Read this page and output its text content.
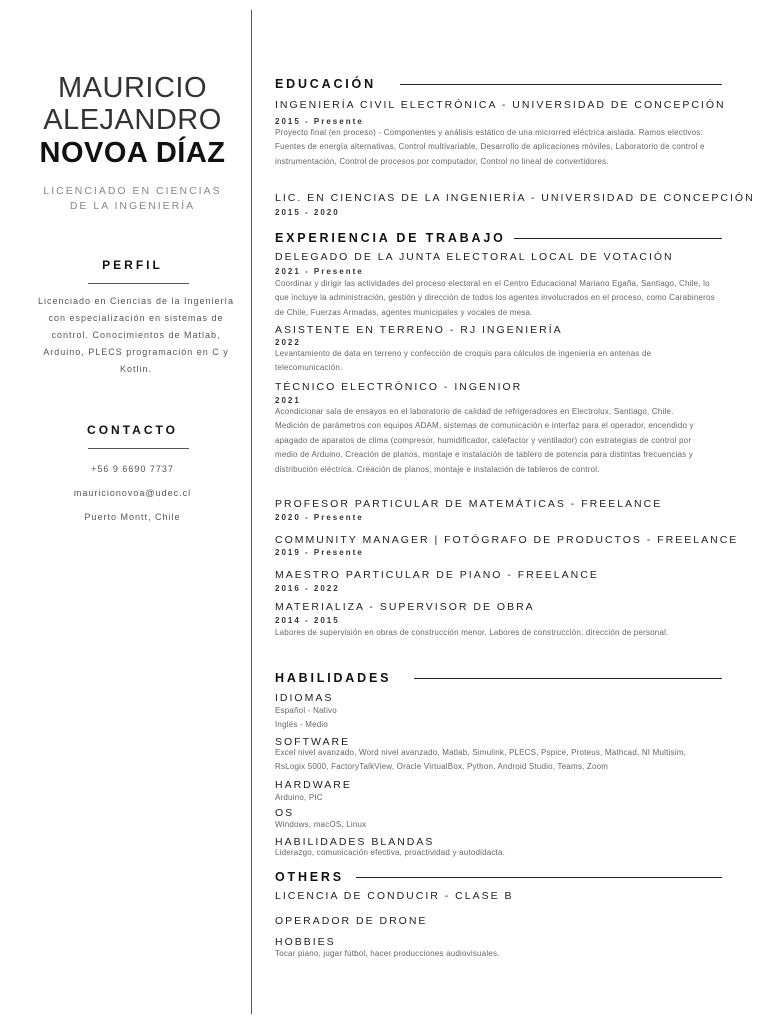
MAURICIO
ALEJANDRO
NOVOA DÍAZ
LICENCIADO EN CIENCIAS DE LA INGENIERÍA
PERFIL
Licenciado en Ciencias de la Ingeniería con especialización en sistemas de control. Conocimientos de Matlab, Arduino, PLECS programación en C y Kotlin.
CONTACTO
+56 9 6690 7737
mauricionovoa@udec.cl
Puerto Montt, Chile
EDUCACIÓN
INGENIERÍA CIVIL ELECTRÓNICA - UNIVERSIDAD DE CONCEPCIÓN
2015 - Presente
Proyecto final (en proceso) - Componentes y análisis estático de una microrred eléctrica aislada. Ramos electivos: Fuentes de energía alternativas, Control multivariable, Desarrollo de aplicaciones móviles, Laboratorio de control e instrumentación, Control de procesos por computador, Control no lineal de convertidores.
LIC. EN CIENCIAS DE LA INGENIERÍA - UNIVERSIDAD DE CONCEPCIÓN
2015 - 2020
EXPERIENCIA DE TRABAJO
DELEGADO DE LA JUNTA ELECTORAL LOCAL DE VOTACIÓN
2021 - Presente
Coordinar y dirigir las actividades del proceso electoral en el Centro Educacional Mariano Egaña, Santiago, Chile, lo que incluye la administración, gestión y dirección de todos los agentes involucrados en el proceso, como Carabineros de Chile, Fuerzas Armadas, agentes municipales y vocales de mesa.
ASISTENTE EN TERRENO - RJ INGENIERÍA
2022
Levantamiento de data en terreno y confección de croquis para cálculos de ingeniería en antenas de telecomunicación.
TÉCNICO ELECTRÓNICO - INGENIOR
2021
Acondicionar sala de ensayos en el laboratorio de calidad de refrigeradores en Electrolux, Santiago, Chile. Medición de parámetros con equipos ADAM, sistemas de comunicación e interfaz para el operador, encendido y apagado de aparatos de clima (compresor, humidificador, calefactor y ventilador) con estrategias de control por medio de Arduino. Creación de planos, montaje e instalación de tablero de potencia para distintas frecuencias y distribución eléctrica. Creación de planos, montaje e instalación de tableros de control.
PROFESOR PARTICULAR DE MATEMÁTICAS - FREELANCE
2020 - Presente
COMMUNITY MANAGER | FOTÓGRAFO DE PRODUCTOS - FREELANCE
2019 - Presente
MAESTRO PARTICULAR DE PIANO - FREELANCE
2016 - 2022
MATERIALIZA - SUPERVISOR DE OBRA
2014 - 2015
Labores de supervisión en obras de construcción menor. Labores de construcción, dirección de personal.
HABILIDADES
IDIOMAS
Español - Nativo
Inglés - Medio
SOFTWARE
Excel nivel avanzado, Word nivel avanzado, Matlab, Simulink, PLECS, Pspice, Proteus, Mathcad, NI Multisim, RsLogix 5000, FactoryTalkView, Oracle VirtualBox, Python, Android Studio, Teams, Zoom
HARDWARE
Arduino, PIC
OS
Windows, macOS, Linux
HABILIDADES BLANDAS
Liderazgo, comunicación efectiva, proactividad y autodidacta.
OTHERS
LICENCIA DE CONDUCIR - CLASE B
OPERADOR DE DRONE
HOBBIES
Tocar piano, jugar fútbol, hacer producciones audiovisuales.
